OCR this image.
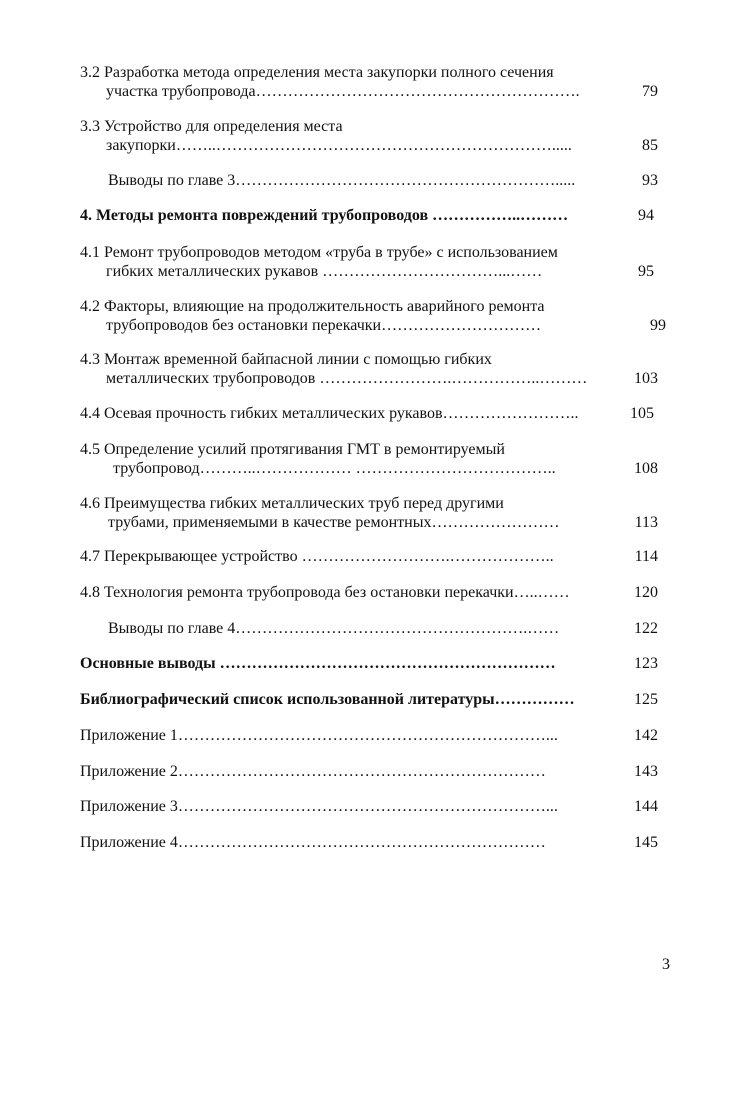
3.2 Разработка метода определения места закупорки полного сечения
участка трубопровода…………………………………………………….	79
3.3 Устройство для определения места
закупорки……..……………………………………………………….....	85
Выводы по главе 3…………………………………………………….....	93
4. Методы ремонта повреждений трубопроводов ……………..………	94
4.1 Ремонт трубопроводов методом «труба в трубе» с использованием
гибких металлических рукавов ……………………………...……	95
4.2 Факторы, влияющие на продолжительность аварийного ремонта
трубопроводов без остановки перекачки…………………………	99
4.3 Монтаж временной байпасной линии с помощью гибких
металлических трубопроводов …………………….……………..………	103
4.4 Осевая прочность гибких металлических рукавов……………………..	105
4.5 Определение усилий протягивания ГМТ в ремонтируемый
трубопровод………..……………… ………………………………..	108
4.6 Преимущества гибких металлических труб перед другими
трубами, применяемыми в качестве ремонтных……………………	113
4.7 Перекрывающее устройство ……………………….………………..	114
4.8 Технология ремонта трубопровода без остановки перекачки…..……	120
Выводы по главе 4……………………………………………….……	122
Основные выводы ………………………………………………………	123
Библиографический список использованной литературы……………	125
Приложение 1……………………………………………………………...	142
Приложение 2……………………………………………………………	143
Приложение 3……………………………………………………………...	144
Приложение 4……………………………………………………………	145
3
